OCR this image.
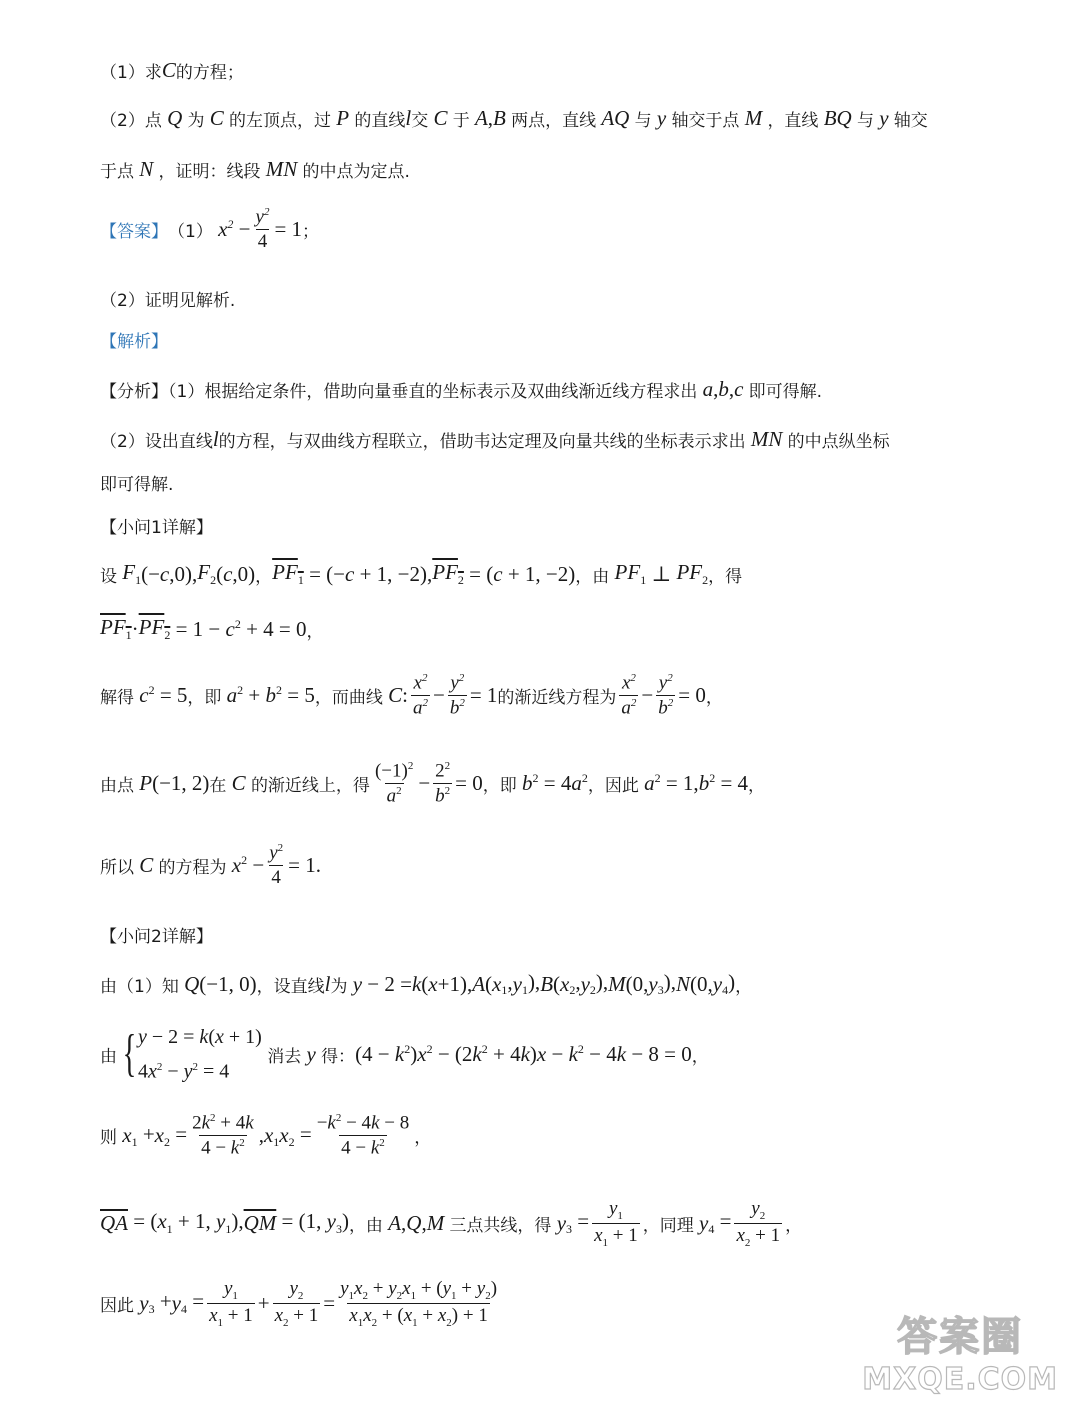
（1）求 C 的方程；
（2）点 Q 为 C 的左顶点，过 P 的直线 l 交 C 于 A , B 两点，直线 AQ 与 y 轴交于点 M ，直线 BQ 与 y 轴交
于点 N ，证明：线段 MN 的中点为定点.
【答案】 （1） $x^2 - \frac{y^2}{4} = 1$ ；
（2）证明见解析.
【解析】
【分析】（1）根据给定条件，借助向量垂直的坐标表示及双曲线渐近线方程求出 a , b , c 即可得解.
（2）设出直线 l 的方程，与双曲线方程联立，借助韦达定理及向量共线的坐标表示求出 MN 的中点纵坐标
即可得解.
【小问1详解】
设 $F_1$ (−c,0), $F_2$ (c,0) ， $PF_1 = (-c + 1$, −2), $PF_2 = (c + 1$, −2) ，由 $PF_1$ ⊥ $PF_2$ ，得
$PF_1 \cdot PF_2 = 1 - c^2 + 4 = 0$ ，
解得 $c^2 = 5$ ，即 $a^2 + b^2 = 5$ ，而曲线 C : $\frac{x^2}{a^2} - \frac{y^2}{b^2} = 1$ 的渐近线方程为 $\frac{x^2}{a^2} - \frac{y^2}{b^2} = 0$ ，
由点 P (−1, 2) 在 C 的渐近线上，得 $\frac{(-1)^2}{a^2} - \frac{2^2}{b^2} = 0$ ，即 $b^2 = 4a^2$ ，因此 $a^2 = 1,b^2 = 4$ ，
所以 C 的方程为 $x^2 - \frac{y^2}{4} = 1$.
【小问2详解】
由（1）知 Q (−1, 0) ，设直线 l 为 y − 2 = k ( x +1), A ( x $_1$, y $_1$), B ( x $_2$, y $_2$), M (0, y $_3$), N (0, y $_4$) ，
由 { y − 2 = k(x + 1)
$4x^2 - y^2 = 4$
消去 y 得： $(4 - k^2)x^2 - (2k^2 + 4k)x - k^2 - 4k - 8 = 0$ ，
则 x $_1$ + x $_2 = \frac{2k^2 + 4k}{4 - k^2}$ , x $_1$ x $_2 = \frac{-k^2 - 4k - 8}{4 - k^2}$ ，
$\overline{QA} = (x_1 + 1$, $y_1$), $\overline{QM} = (1$, $y_3$) ，由 A , Q , M 三点共线，得 y $_3 = \frac{y_1}{x_1 + 1}$ ，同理 y $_4 = \frac{y_2}{x_2 + 1}$ ，
因此 y $_3$ + y $_4 = \frac{y_1}{x_1 + 1} + \frac{y_2}{x_2 + 1} = \frac{y_1x_2 + y_2x_1 + (y_1 + y_2)}{x_1x_2 + (x_1 + x_2) + 1}$
答案圈
MXQE.COM
